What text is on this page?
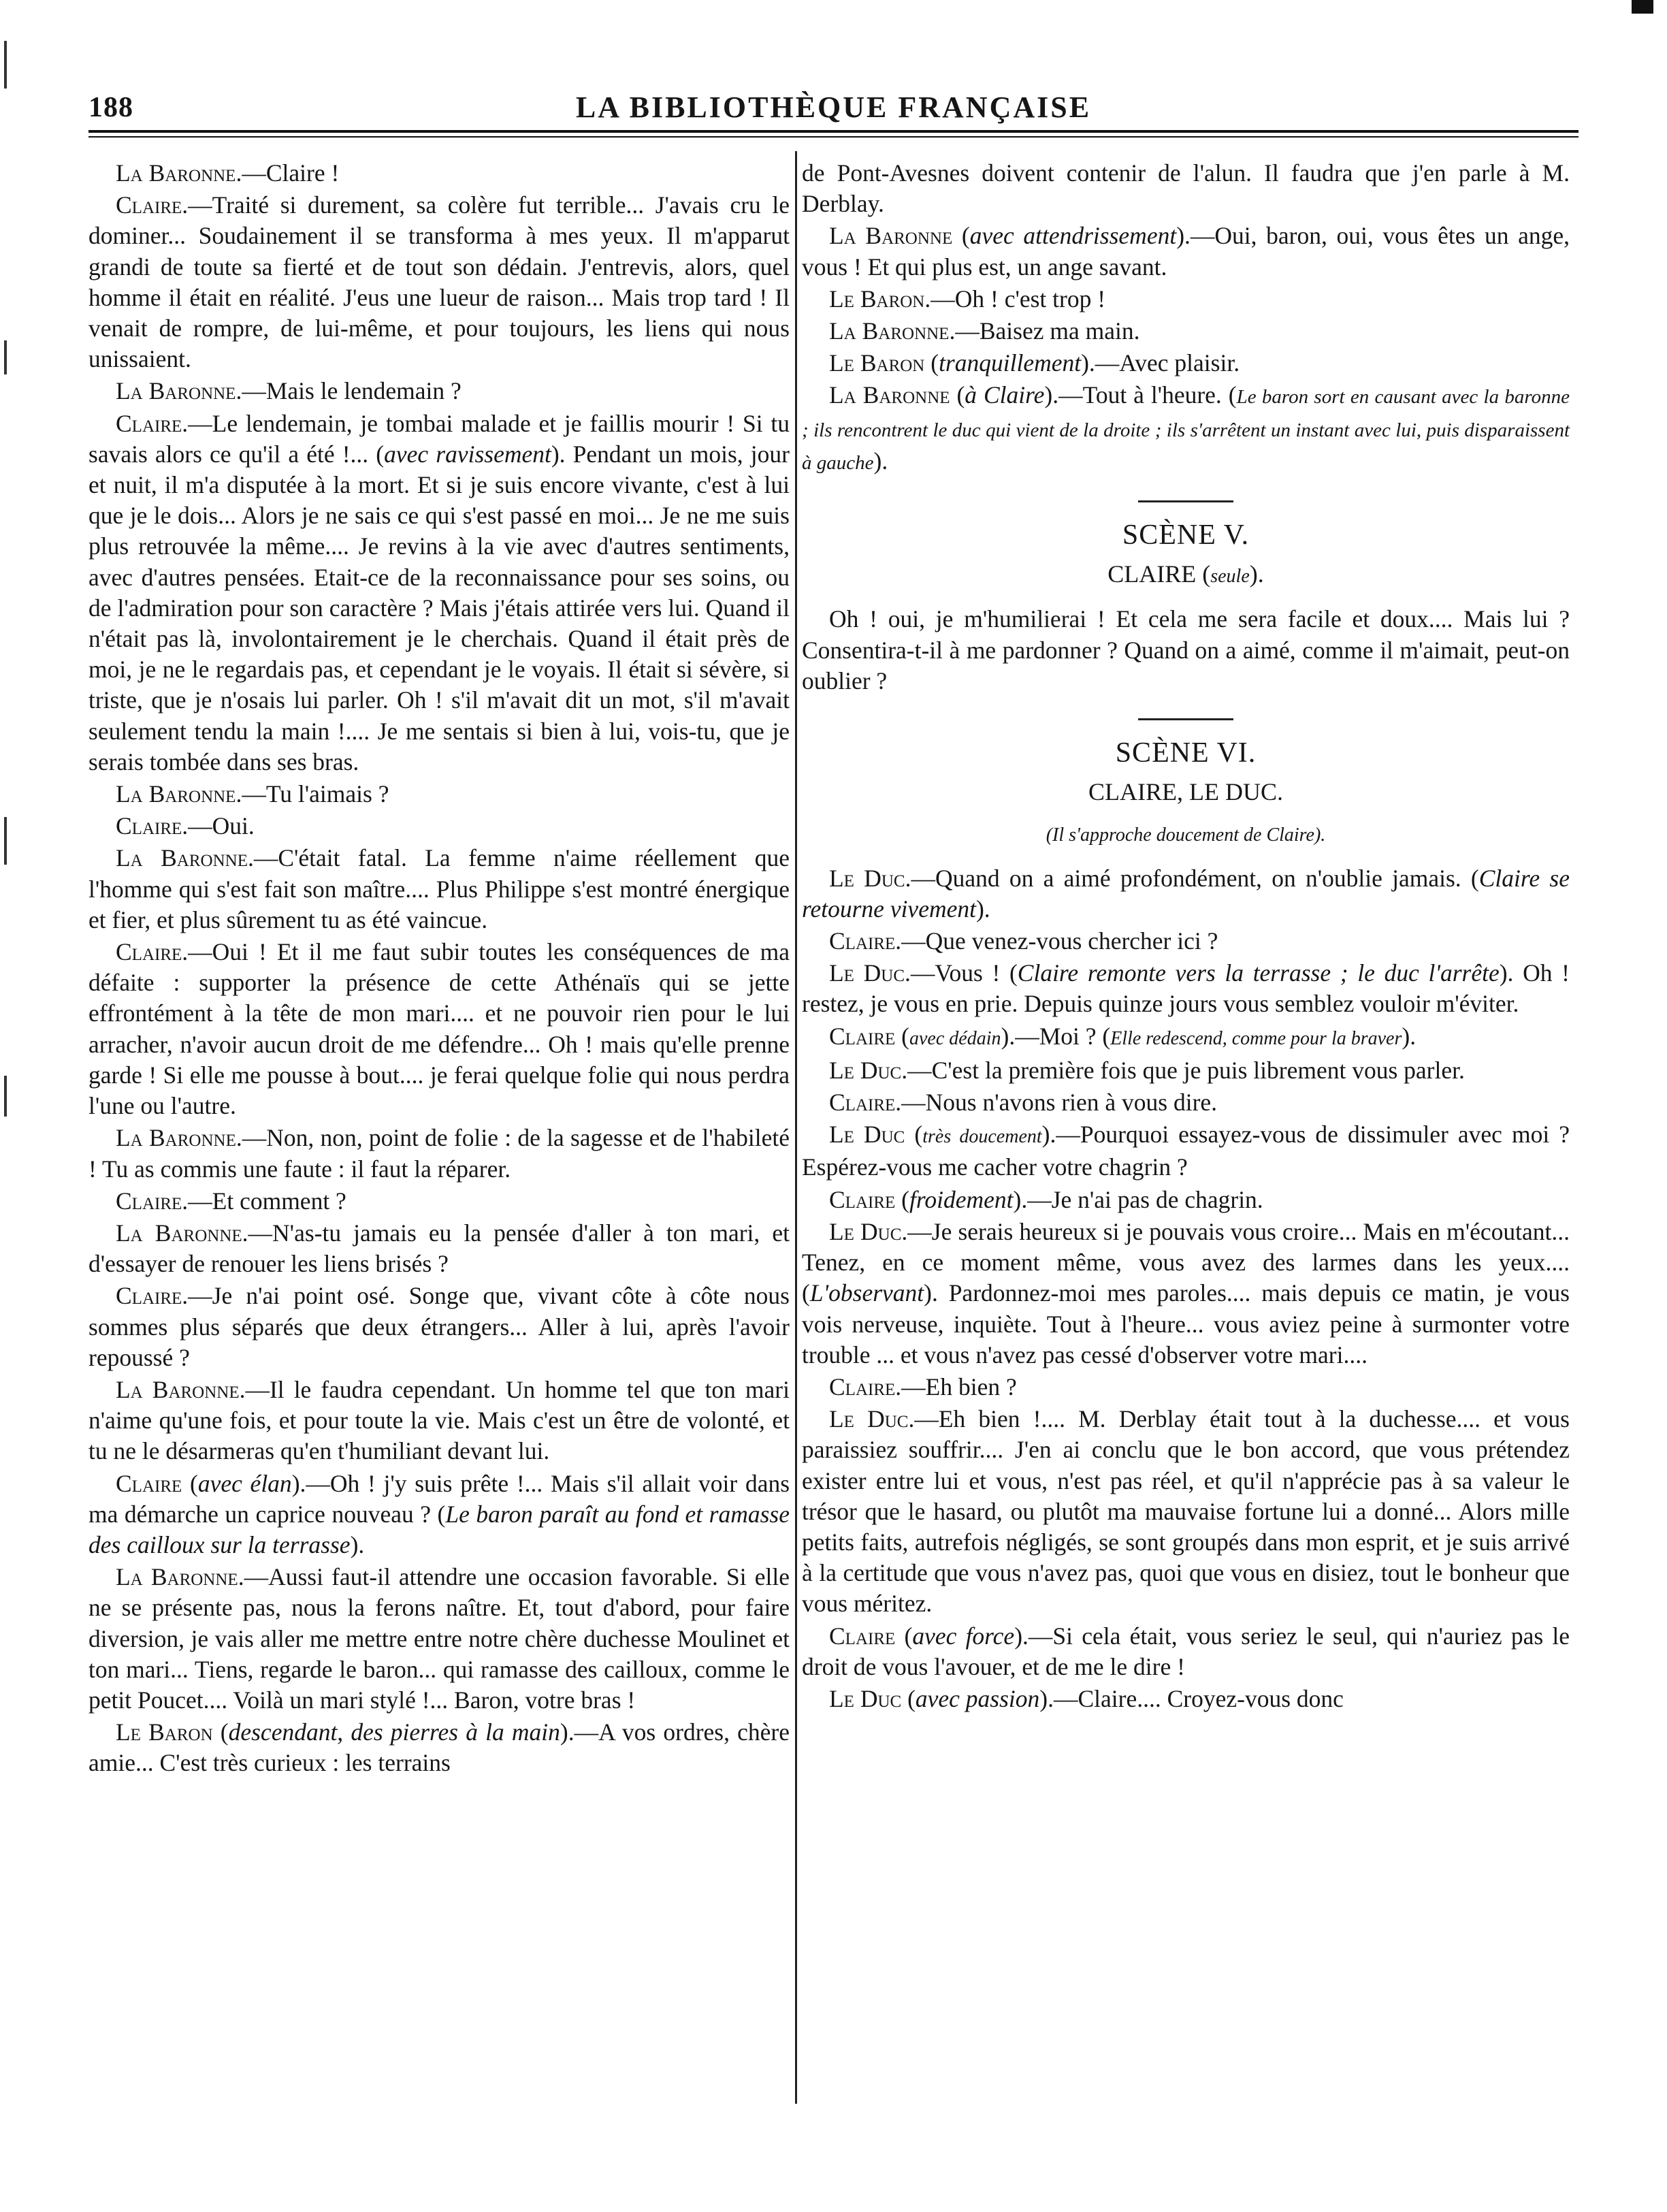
188	LA BIBLIOTHÈQUE FRANÇAISE

La Baronne.—Claire !

Claire.—Traité si durement, sa colère fut terrible... J'avais cru le dominer... Soudainement il se transforma à mes yeux. Il m'apparut grandi de toute sa fierté et de tout son dédain. J'entrevis, alors, quel homme il était en réalité. J'eus une lueur de raison... Mais trop tard ! Il venait de rompre, de lui-même, et pour toujours, les liens qui nous unissaient.

La Baronne.—Mais le lendemain ?

Claire.—Le lendemain, je tombai malade et je faillis mourir ! Si tu savais alors ce qu'il a été !... (avec ravissement). Pendant un mois, jour et nuit, il m'a disputée à la mort. Et si je suis encore vivante, c'est à lui que je le dois... Alors je ne sais ce qui s'est passé en moi... Je ne me suis plus retrouvée la même.... Je revins à la vie avec d'autres sentiments, avec d'autres pensées. Etait-ce de la reconnaissance pour ses soins, ou de l'admiration pour son caractère ? Mais j'étais attirée vers lui. Quand il n'était pas là, involontairement je le cherchais. Quand il était près de moi, je ne le regardais pas, et cependant je le voyais. Il était si sévère, si triste, que je n'osais lui parler. Oh ! s'il m'avait dit un mot, s'il m'avait seulement tendu la main !.... Je me sentais si bien à lui, vois-tu, que je serais tombée dans ses bras.

La Baronne.—Tu l'aimais ?

Claire.—Oui.

La Baronne.—C'était fatal. La femme n'aime réellement que l'homme qui s'est fait son maître.... Plus Philippe s'est montré énergique et fier, et plus sûrement tu as été vaincue.

Claire.—Oui ! Et il me faut subir toutes les conséquences de ma défaite : supporter la présence de cette Athénaïs qui se jette effrontément à la tête de mon mari.... et ne pouvoir rien pour le lui arracher, n'avoir aucun droit de me défendre... Oh ! mais qu'elle prenne garde ! Si elle me pousse à bout.... je ferai quelque folie qui nous perdra l'une ou l'autre.

La Baronne.—Non, non, point de folie : de la sagesse et de l'habileté ! Tu as commis une faute : il faut la réparer.

Claire.—Et comment ?

La Baronne.—N'as-tu jamais eu la pensée d'aller à ton mari, et d'essayer de renouer les liens brisés ?

Claire.—Je n'ai point osé. Songe que, vivant côte à côte nous sommes plus séparés que deux étrangers... Aller à lui, après l'avoir repoussé ?

La Baronne.—Il le faudra cependant. Un homme tel que ton mari n'aime qu'une fois, et pour toute la vie. Mais c'est un être de volonté, et tu ne le désarmeras qu'en t'humiliant devant lui.

Claire (avec élan).—Oh ! j'y suis prête !... Mais s'il allait voir dans ma démarche un caprice nouveau ? (Le baron paraît au fond et ramasse des cailloux sur la terrasse).

La Baronne.—Aussi faut-il attendre une occasion favorable. Si elle ne se présente pas, nous la ferons naître. Et, tout d'abord, pour faire diversion, je vais aller me mettre entre notre chère duchesse Moulinet et ton mari... Tiens, regarde le baron... qui ramasse des cailloux, comme le petit Poucet.... Voilà un mari stylé !... Baron, votre bras !

Le Baron (descendant, des pierres à la main).—A vos ordres, chère amie... C'est très curieux : les terrains

de Pont-Avesnes doivent contenir de l'alun. Il faudra que j'en parle à M. Derblay.

La Baronne (avec attendrissement).—Oui, baron, oui, vous êtes un ange, vous ! Et qui plus est, un ange savant.

Le Baron.—Oh ! c'est trop !

La Baronne.—Baisez ma main.

Le Baron (tranquillement).—Avec plaisir.

La Baronne (à Claire).—Tout à l'heure. (Le baron sort en causant avec la baronne ; ils rencontrent le duc qui vient de la droite ; ils s'arrêtent un instant avec lui, puis disparaissent à gauche).

SCÈNE V.
CLAIRE (seule).

Oh ! oui, je m'humilierai ! Et cela me sera facile et doux.... Mais lui ? Consentira-t-il à me pardonner ? Quand on a aimé, comme il m'aimait, peut-on oublier ?

SCÈNE VI.
CLAIRE, LE DUC.
(Il s'approche doucement de Claire).

Le Duc.—Quand on a aimé profondément, on n'oublie jamais. (Claire se retourne vivement).

Claire.—Que venez-vous chercher ici ?

Le Duc.—Vous ! (Claire remonte vers la terrasse ; le duc l'arrête). Oh ! restez, je vous en prie. Depuis quinze jours vous semblez vouloir m'éviter.

Claire (avec dédain).—Moi ? (Elle redescend, comme pour la braver).

Le Duc.—C'est la première fois que je puis librement vous parler.

Claire.—Nous n'avons rien à vous dire.

Le Duc (très doucement).—Pourquoi essayez-vous de dissimuler avec moi ? Espérez-vous me cacher votre chagrin ?

Claire (froidement).—Je n'ai pas de chagrin.

Le Duc.—Je serais heureux si je pouvais vous croire... Mais en m'écoutant... Tenez, en ce moment même, vous avez des larmes dans les yeux.... (L'observant). Pardonnez-moi mes paroles.... mais depuis ce matin, je vous vois nerveuse, inquiète. Tout à l'heure... vous aviez peine à surmonter votre trouble ... et vous n'avez pas cessé d'observer votre mari....

Claire.—Eh bien ?

Le Duc.—Eh bien !.... M. Derblay était tout à la duchesse.... et vous paraissiez souffrir.... J'en ai conclu que le bon accord, que vous prétendez exister entre lui et vous, n'est pas réel, et qu'il n'apprécie pas à sa valeur le trésor que le hasard, ou plutôt ma mauvaise fortune lui a donné... Alors mille petits faits, autrefois négligés, se sont groupés dans mon esprit, et je suis arrivé à la certitude que vous n'avez pas, quoi que vous en disiez, tout le bonheur que vous méritez.

Claire (avec force).—Si cela était, vous seriez le seul, qui n'auriez pas le droit de vous l'avouer, et de me le dire !

Le Duc (avec passion).—Claire.... Croyez-vous donc
